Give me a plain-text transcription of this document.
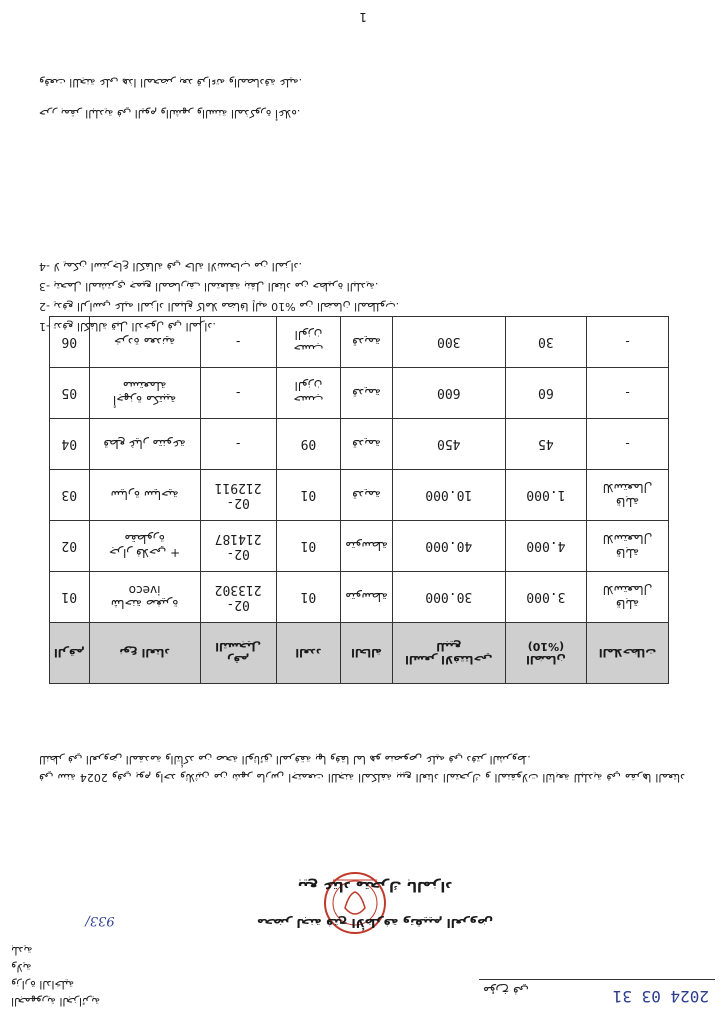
الجمهورية الجزائرية
وزارة الداخلية
ولاية
بلدية
933/
2024 03 31
مؤرخ في
محضر لجنة فتح الأظرفة وتقييم العروض
بيع عتاد متحرك بالمزاد
في سنة 2024 وفي يوم واحد وثلاثين من شهر مارس اجتمعت اللجنة المكلفة ببيع العتاد المتحرك و المنقولات التابعة للبلدية في مقرها المعتاد للنظر في العروض المقدمة والتأكد من صحة الوثائق المرفقة بها وفقا لما هو منصوص عليه في دفتر الشروط.
الرقم	نوع العتاد	رقم التسجيل	العدد	الحالة	السعر الافتتاحي للبيع	الضمان (10%)	الملاحظات
01	شاحنة صغيرة iveco	02-213302	01	متوسطة	30.000	3.000	قابلة للاستعمال
02	جرار فلاحي + مقطورة	02-214187	01	متوسطة	40.000	4.000	قابلة للاستعمال
03	سيارة سياحية	02-212911	01	قديمة	10.000	1.000	قابلة للاستعمال
04	قطع غيار متنوعة	-	09	قديمة	450	45	-
05	أجهزة مكتبية مستعملة	-	حسب الوزن	قديمة	600	60	-
06	خردة معدنية	-	حسب الوزن	قديمة	300	30	-

1- تدفع الكفالة قبل الدخول في المزاد.

2- يدفع الراسي عليه المزاد المبلغ كاملا مضافا إليه 10% من الضمان المطلوب.

3- يتحمل المشتري جميع المصاريف المتعلقة بنقل العتاد من حظيرة البلدية.

4- لا يمكن استرجاع الكفالة في حالة الانسحاب من المزاد.

حرر بمقر البلدية في اليوم والشهر والسنة المذكورة أعلاه.

وقعت اللجنة على هذا المحضر بعد قراءته والمصادقة عليه.

1
